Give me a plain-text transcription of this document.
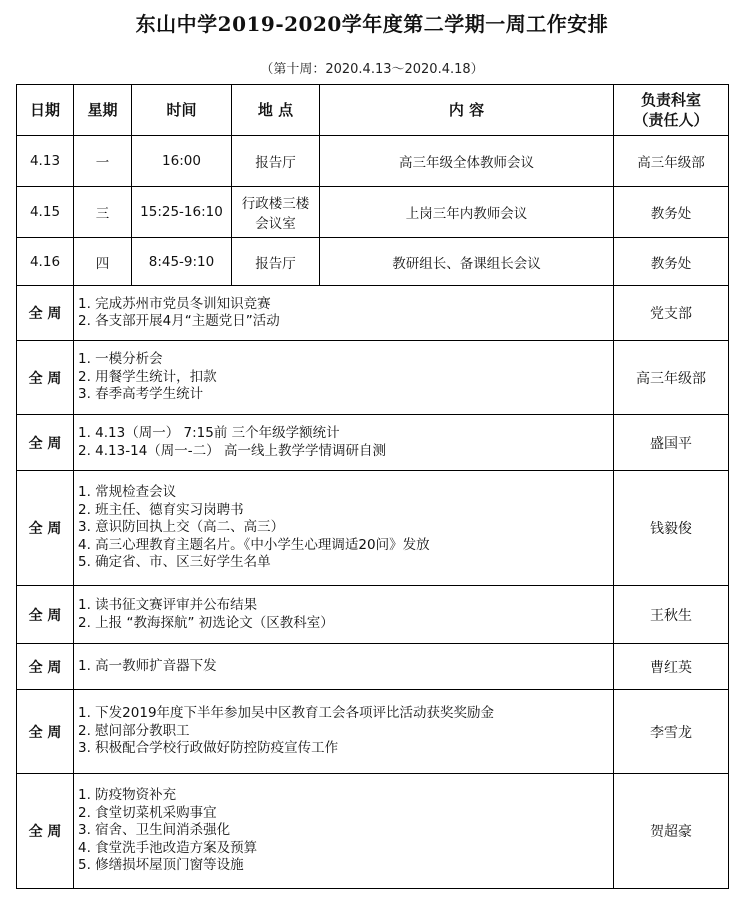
东山中学2019-2020学年度第二学期一周工作安排
（第十周：2020.4.13～2020.4.18）
日期	星期	时间	地 点	内 容	负责科室
（责任人）

4.13	一	16:00	报告厅	高三年级全体教师会议	高三年级部
4.15	三	15:25-16:10	行政楼三楼会议室	上岗三年内教师会议	教务处
4.16	四	8:45-9:10	报告厅	教研组长、备课组长会议	教务处
全 周	1. 完成苏州市党员冬训知识竞赛
2. 各支部开展4月“主题党日”活动				党支部
全 周	1. 一模分析会
2. 用餐学生统计，扣款
3. 春季高考学生统计				高三年级部
全 周	1. 4.13（周一） 7:15前 三个年级学额统计
2. 4.13-14（周一-二） 高一线上教学学情调研自测				盛国平
全 周	1. 常规检查会议
2. 班主任、德育实习岗聘书
3. 意识防回执上交（高二、高三）
4. 高三心理教育主题名片。《中小学生心理调适20问》发放
5. 确定省、市、区三好学生名单				钱毅俊
全 周	1. 读书征文赛评审并公布结果
2. 上报 “教海探航” 初选论文（区教科室）				王秋生
全 周	1. 高一教师扩音器下发				曹红英
全 周	1. 下发2019年度下半年参加吴中区教育工会各项评比活动获奖奖励金
2. 慰问部分教职工
3. 积极配合学校行政做好防控防疫宣传工作				李雪龙
全 周	1. 防疫物资补充
2. 食堂切菜机采购事宜
3. 宿舍、卫生间消杀强化
4. 食堂洗手池改造方案及预算
5. 修缮损坏屋顶门窗等设施				贺超豪
